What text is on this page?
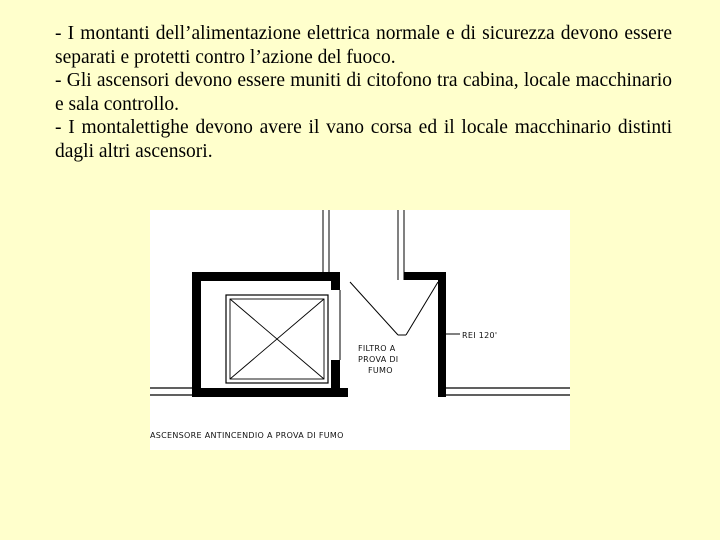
- I montanti dell’alimentazione elettrica normale e di sicurezza devono essere separati e protetti contro l’azione del fuoco.

- Gli ascensori devono essere muniti di citofono tra cabina, locale macchinario e sala controllo.

- I montalettighe devono avere il vano corsa ed il locale macchinario distinti dagli altri ascensori.

FILTRO A
PROVA DI
FUMO
REI 120'
ASCENSORE ANTINCENDIO A PROVA DI FUMO
